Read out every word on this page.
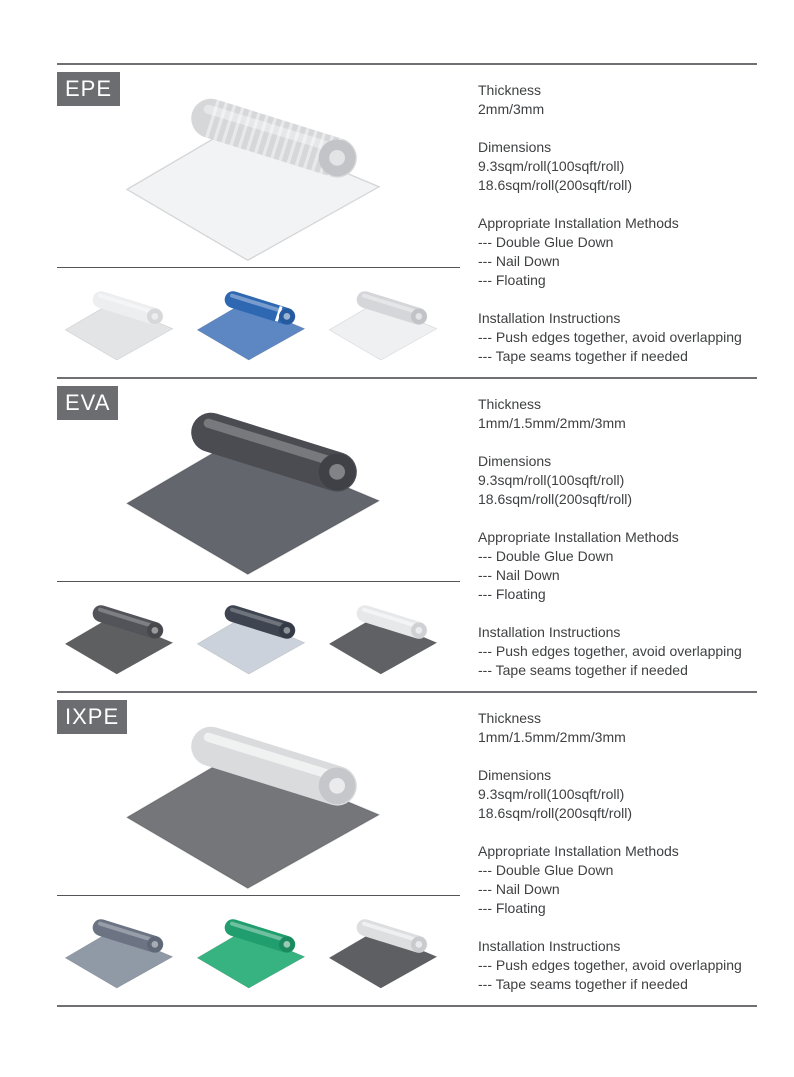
EPE	Thickness
2mm/3mm
Dimensions
9.3sqm/roll(100sqft/roll)
18.6sqm/roll(200sqft/roll)
Appropriate Installation Methods
--- Double Glue Down
--- Nail Down
--- Floating
Installation Instructions
--- Push edges together, avoid overlapping
--- Tape seams together if needed
EVA	Thickness
1mm/1.5mm/2mm/3mm
Dimensions
9.3sqm/roll(100sqft/roll)
18.6sqm/roll(200sqft/roll)
Appropriate Installation Methods
--- Double Glue Down
--- Nail Down
--- Floating
Installation Instructions
--- Push edges together, avoid overlapping
--- Tape seams together if needed
IXPE	Thickness
1mm/1.5mm/2mm/3mm
Dimensions
9.3sqm/roll(100sqft/roll)
18.6sqm/roll(200sqft/roll)
Appropriate Installation Methods
--- Double Glue Down
--- Nail Down
--- Floating
Installation Instructions
--- Push edges together, avoid overlapping
--- Tape seams together if needed
